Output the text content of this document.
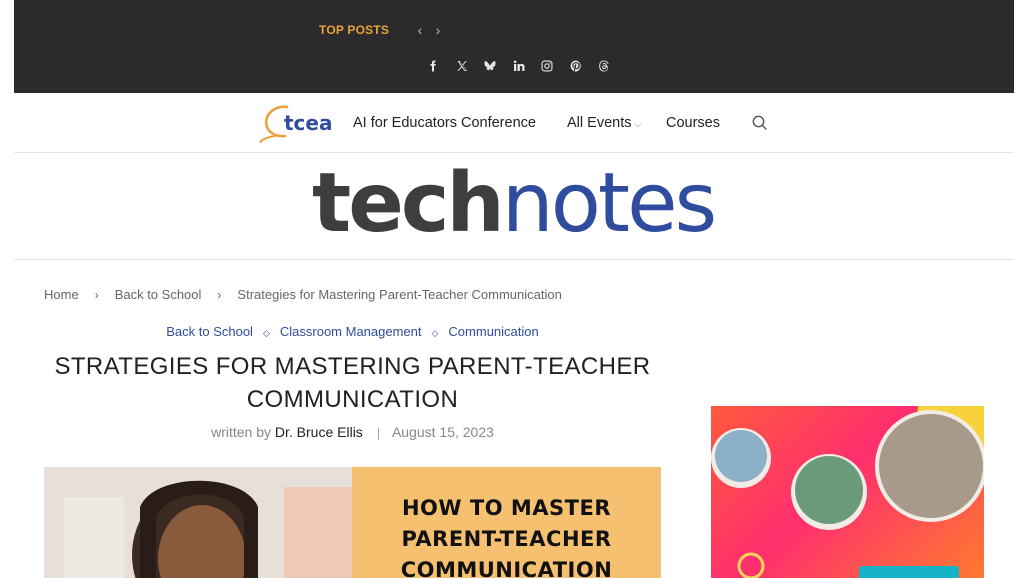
TOP POSTS	‹ ›
tcea AI for Educators Conference All Events ⌵ Courses
technotes
Home › Back to School › Strategies for Mastering Parent-Teacher Communication
Back to School ◇ Classroom Management ◇ Communication
STRATEGIES FOR MASTERING PARENT-TEACHER
COMMUNICATION
written by Dr. Bruce Ellis | August 15, 2023
HOW TO MASTER
PARENT-TEACHER
COMMUNICATION
